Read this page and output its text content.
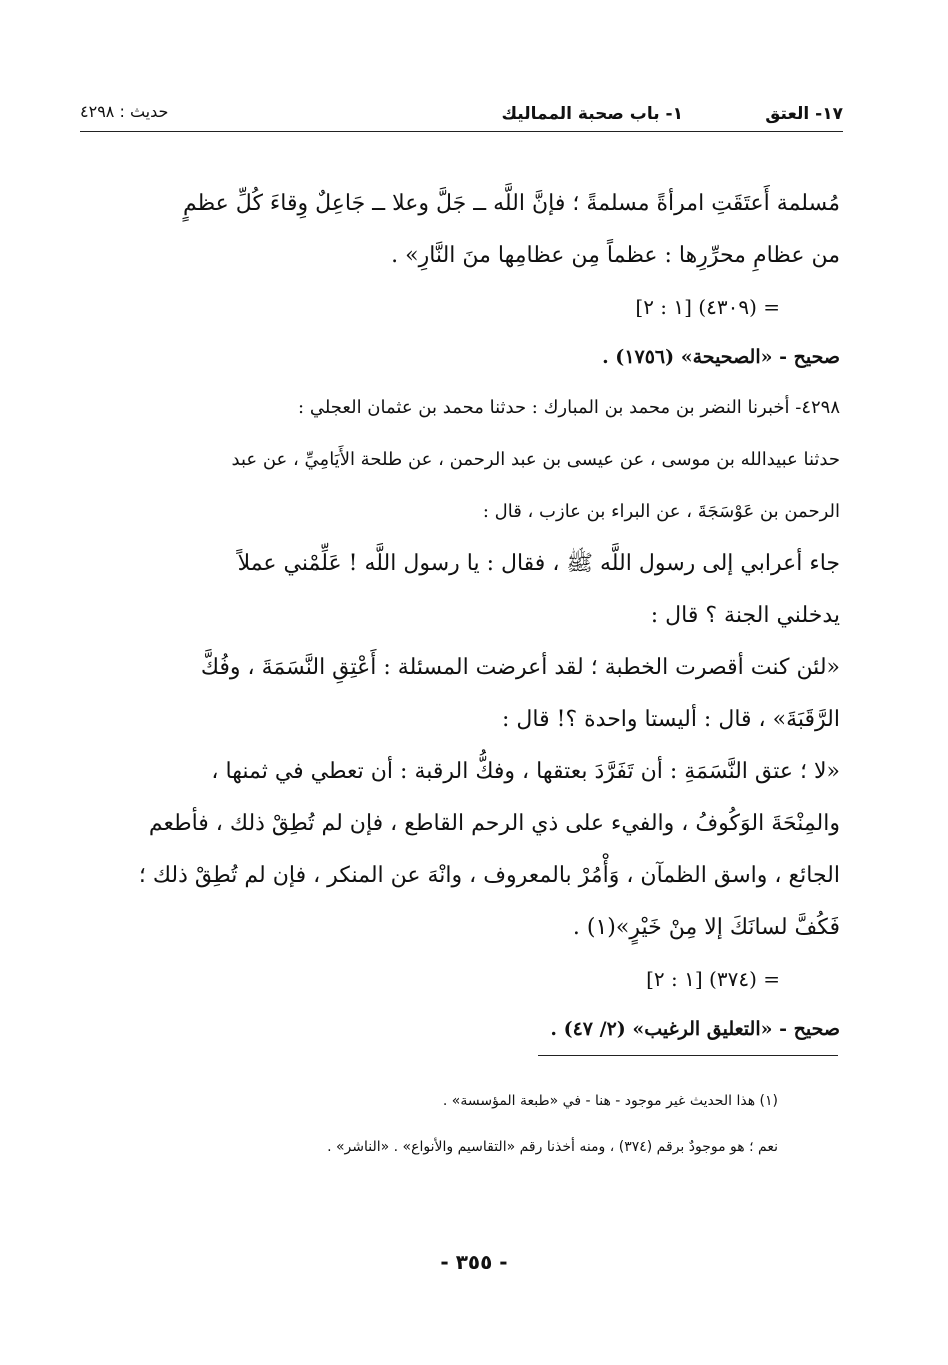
١٧- العتق
١- باب صحبة المماليك
حديث : ٤٢٩٨
مُسلمة أَعتَقَتِ امرأةً مسلمةً ؛ فإنَّ اللَّه ــ جَلَّ وعلا ــ جَاعِلٌ وِقاءَ كُلِّ عظمٍ
من عظامِ محرِّرِها : عظماً مِن عظامِها منَ النَّارِ» .
= (٤٣٠٩) [١ : ٢]
صحيح - «الصحيحة» (١٧٥٦) .
٤٢٩٨- أخبرنا النضر بن محمد بن المبارك : حدثنا محمد بن عثمان العجلي :
حدثنا عبيدالله بن موسى ، عن عيسى بن عبد الرحمن ، عن طلحة الأَيَامِيِّ ، عن عبد
الرحمن بن عَوْسَجَةَ ، عن البراء بن عازب ، قال :
جاء أعرابي إلى رسول اللَّه ﷺ ، فقال : يا رسول اللَّه ! عَلِّمْني عملاً
يدخلني الجنة ؟ قال :
«لئن كنت أقصرت الخطبة ؛ لقد أعرضت المسئلة : أَعْتِقِ النَّسَمَةَ ، وفُكَّ
الرَّقَبَةَ» ، قال : أليستا واحدة ؟! قال :
«لا ؛ عتق النَّسَمَةِ : أن تَفَرَّدَ بعتقها ، وفكُّ الرقبة : أن تعطي في ثمنها ،
والمِنْحَةَ الوَكُوفُ ، والفيء على ذي الرحم القاطع ، فإن لم تُطِقْ ذلك ، فأطعم
الجائع ، واسق الظمآن ، وَأْمُرْ بالمعروف ، وانْهَ عن المنكر ، فإن لم تُطِقْ ذلك ؛
فَكُفَّ لسانَكَ إلا مِنْ خَيْرٍ»(١) .
= (٣٧٤) [١ : ٢]
صحيح - «التعليق الرغيب» (٢/ ٤٧) .
(١) هذا الحديث غير موجود - هنا - في «طبعة المؤسسة» .
نعم ؛ هو موجودٌ برقم (٣٧٤) ، ومنه أخذنا رقم «التقاسيم والأنواع» . «الناشر» .
- ٣٥٥ -
